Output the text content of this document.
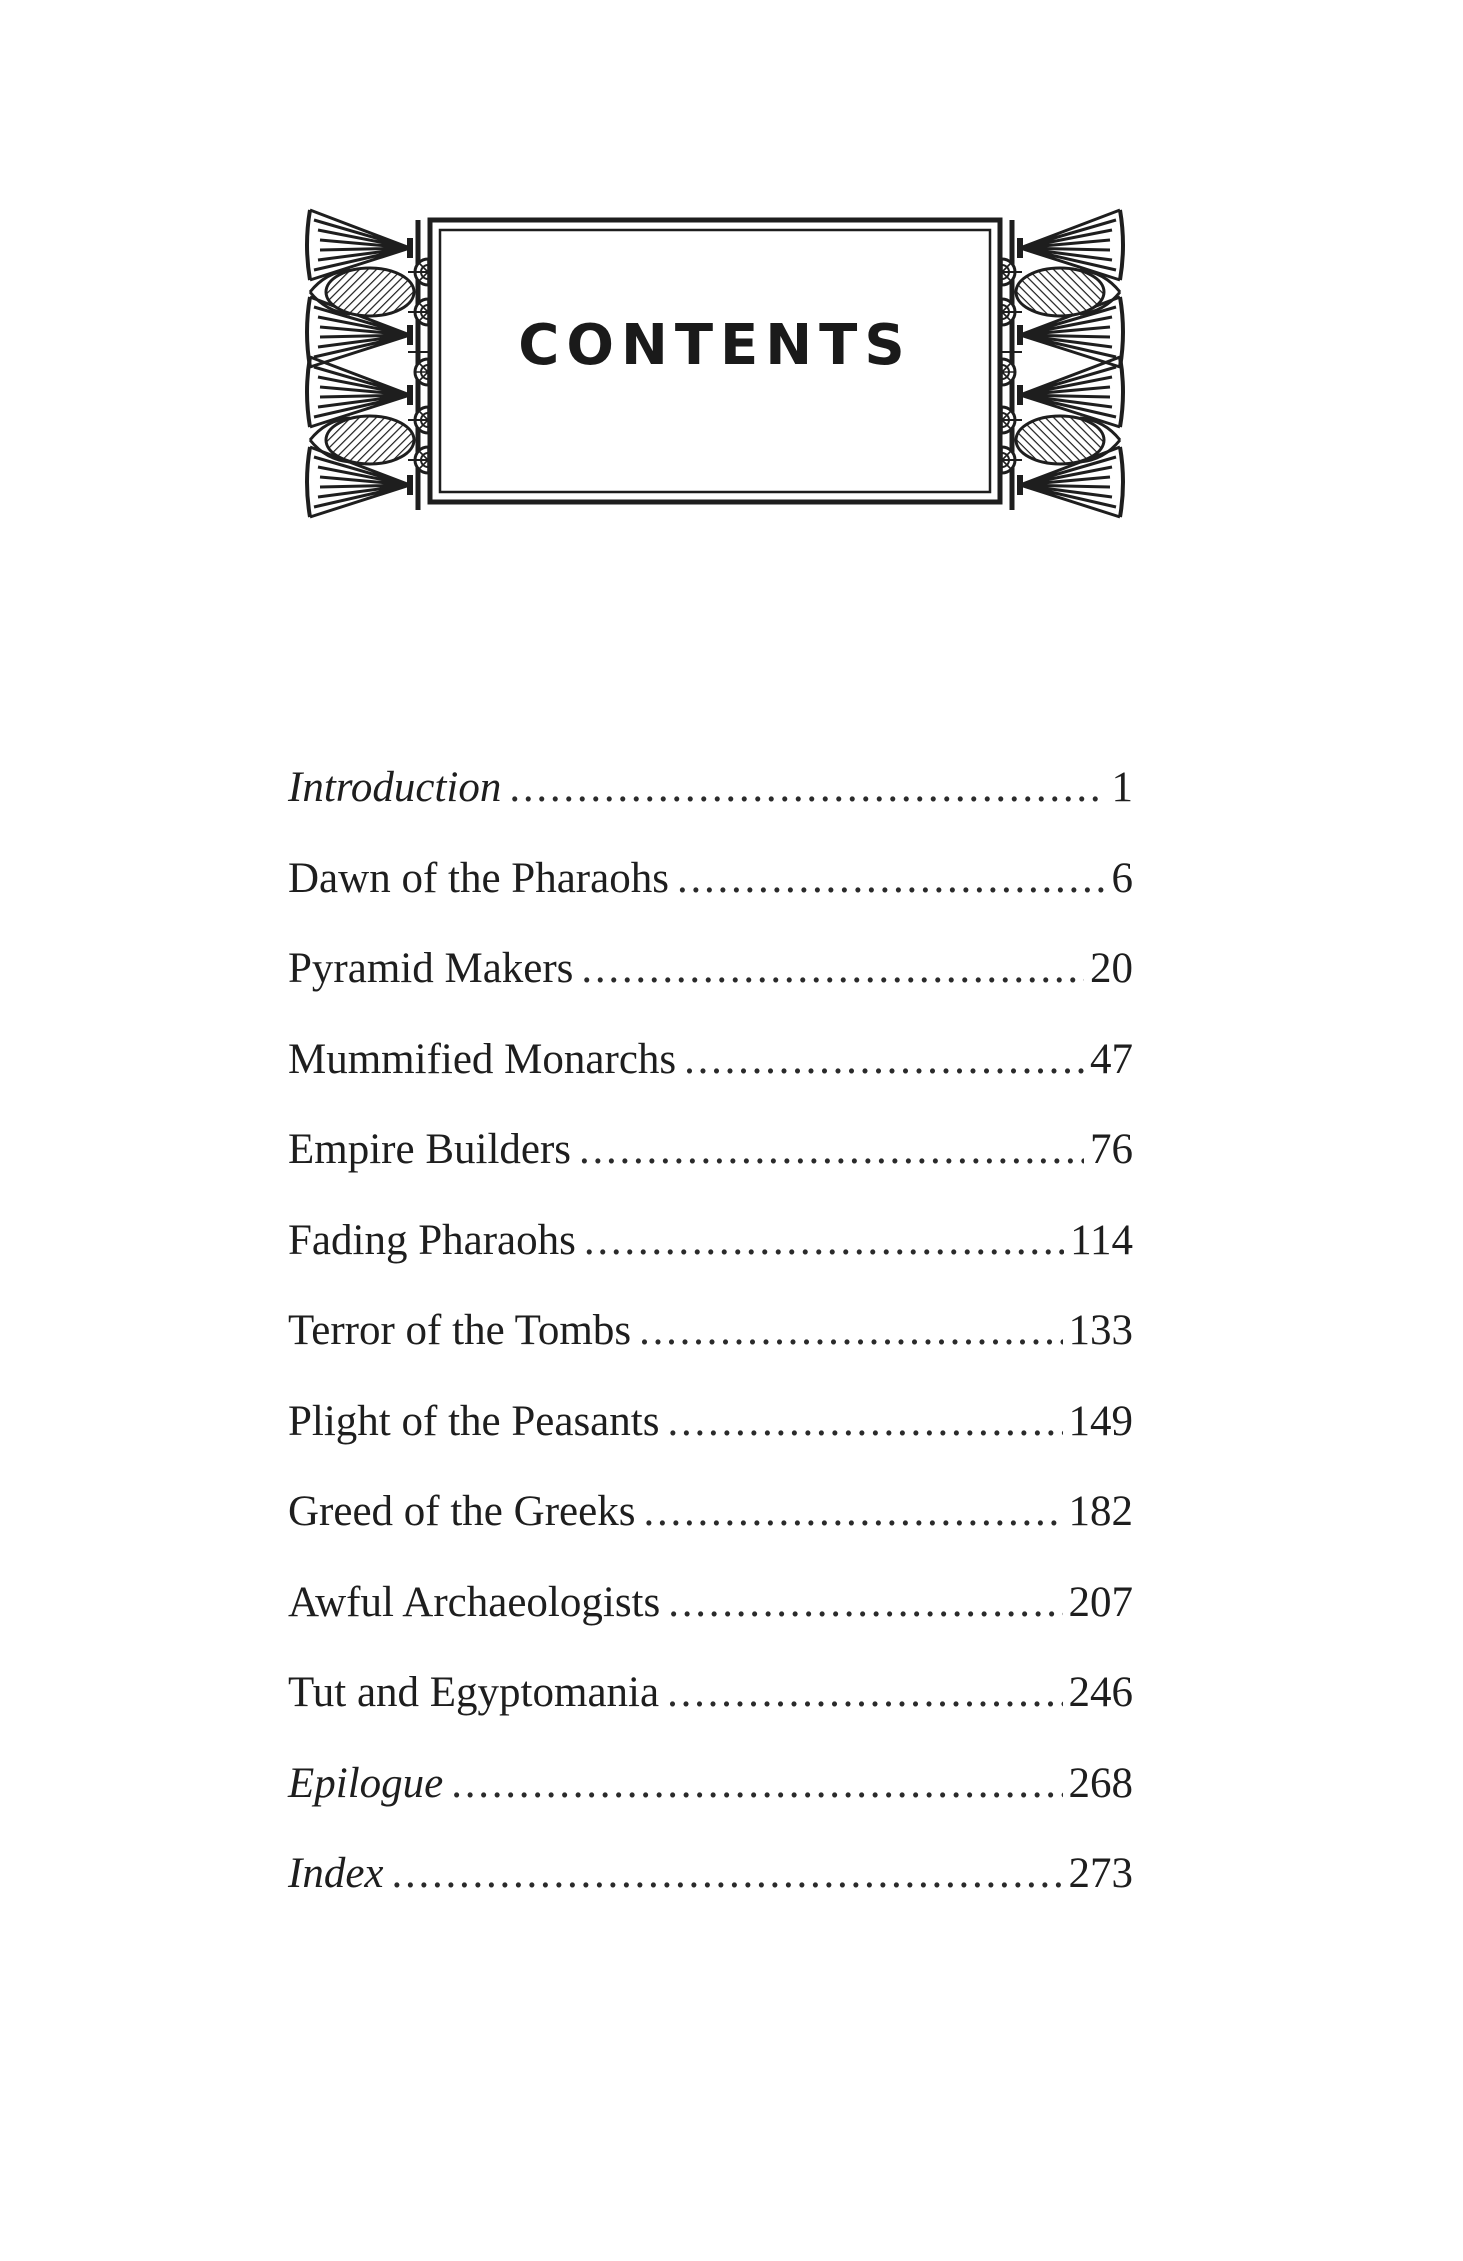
CONTENTS
Introduction . . .	1
Dawn of the Pharaohs . . .	6
Pyramid Makers . . .	20
Mummified Monarchs . . .	47
Empire Builders . . .	76
Fading Pharaohs . . .	114
Terror of the Tombs . . .	133
Plight of the Peasants . . .	149
Greed of the Greeks . . .	182
Awful Archaeologists . . .	207
Tut and Egyptomania . . .	246
Epilogue . . .	268
Index . . .	273
